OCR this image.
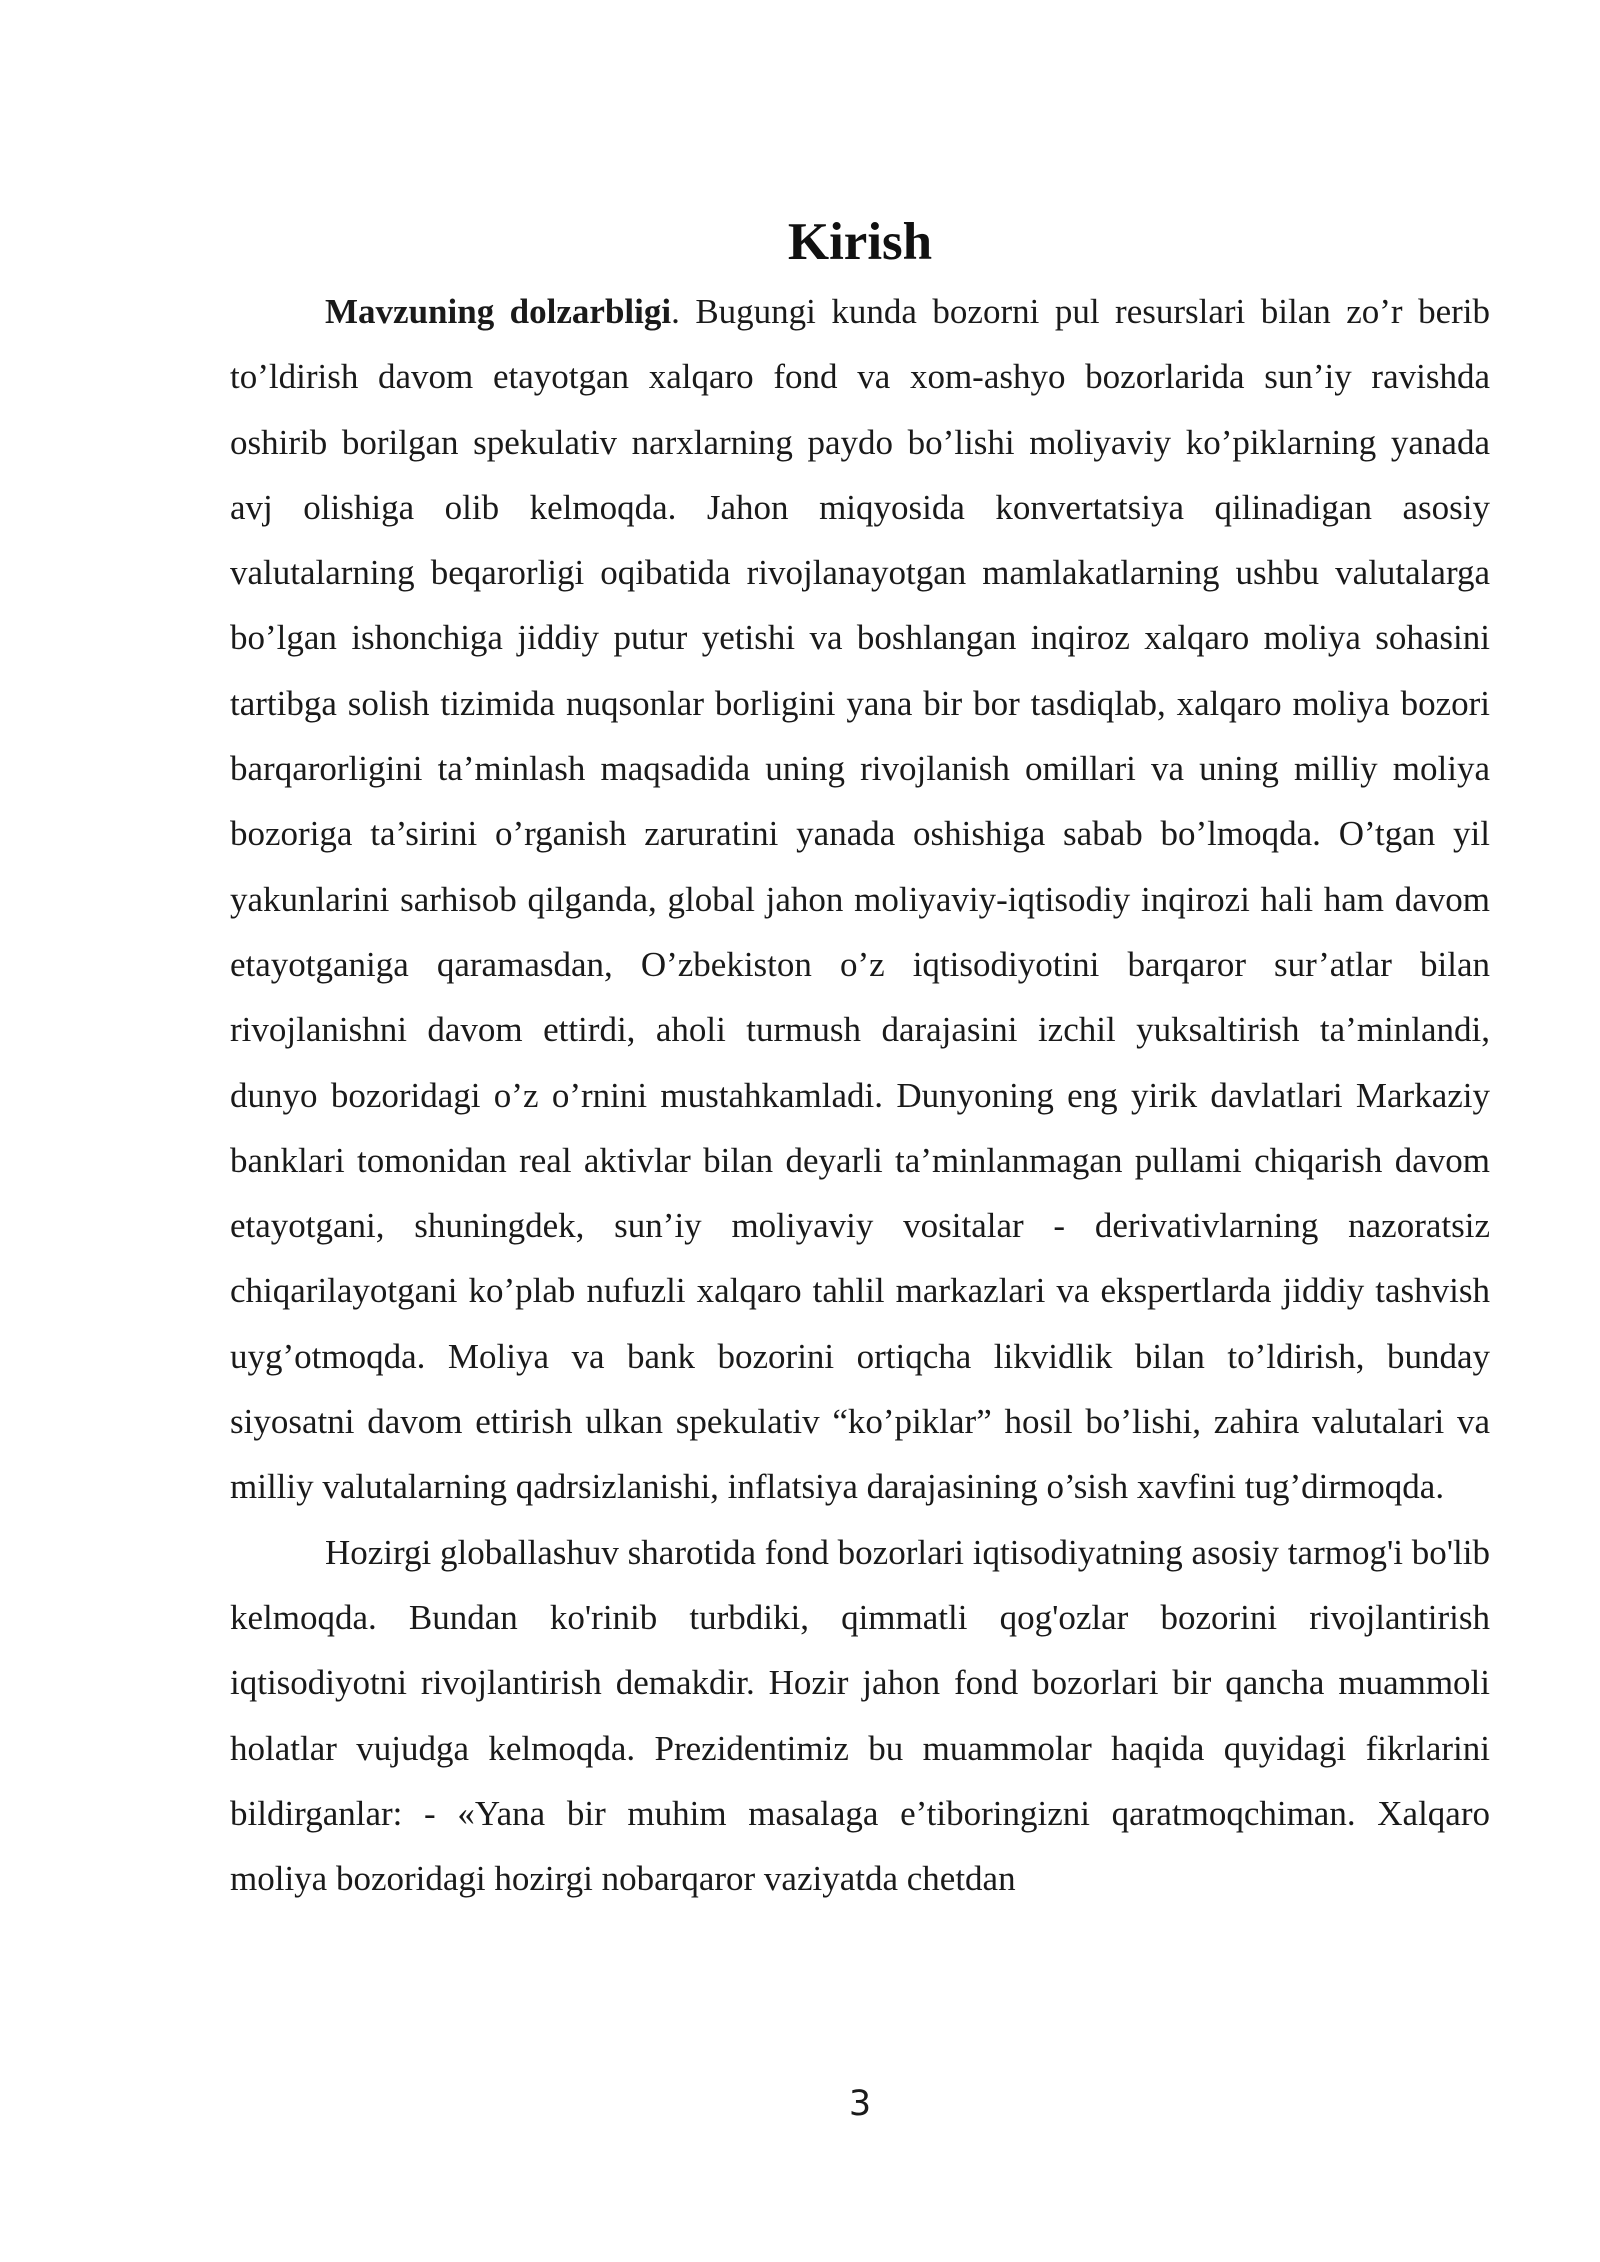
Kirish

Mavzuning dolzarbligi. Bugungi kunda bozorni pul resurslari bilan zo’r berib to’ldirish davom etayotgan xalqaro fond va xom-ashyo bozorlarida sun’iy ravishda oshirib borilgan spekulativ narxlarning paydo bo’lishi moliyaviy ko’piklarning yanada avj olishiga olib kelmoqda. Jahon miqyosida konvertatsiya qilinadigan asosiy valutalarning beqarorligi oqibatida rivojlanayotgan mamlakatlarning ushbu valutalarga bo’lgan ishonchiga jiddiy putur yetishi va boshlangan inqiroz xalqaro moliya sohasini tartibga solish tizimida nuqsonlar borligini yana bir bor tasdiqlab, xalqaro moliya bozori barqarorligini ta’minlash maqsadida uning rivojlanish omillari va uning milliy moliya bozoriga ta’sirini o’rganish zaruratini yanada oshishiga sabab bo’lmoqda. O’tgan yil yakunlarini sarhisob qilganda, global jahon moliyaviy-iqtisodiy inqirozi hali ham davom etayotganiga qaramasdan, O’zbekiston o’z iqtisodiyotini barqaror sur’atlar bilan rivojlanishni davom ettirdi, aholi turmush darajasini izchil yuksaltirish ta’minlandi, dunyo bozoridagi o’z o’rnini mustahkamladi. Dunyoning eng yirik davlatlari Markaziy banklari tomonidan real aktivlar bilan deyarli ta’minlanmagan pullami chiqarish davom etayotgani, shuningdek, sun’iy moliyaviy vositalar - derivativlarning nazoratsiz chiqarilayotgani ko’plab nufuzli xalqaro tahlil markazlari va ekspertlarda jiddiy tashvish uyg’otmoqda. Moliya va bank bozorini ortiqcha likvidlik bilan to’ldirish, bunday siyosatni davom ettirish ulkan spekulativ “ko’piklar” hosil bo’lishi, zahira valutalari va milliy valutalarning qadrsizlanishi, inflatsiya darajasining o’sish xavfini tug’dirmoqda.

Hozirgi globallashuv sharotida fond bozorlari iqtisodiyatning asosiy tarmog'i bo'lib kelmoqda. Bundan ko'rinib turbdiki, qimmatli qog'ozlar bozorini rivojlantirish iqtisodiyotni rivojlantirish demakdir. Hozir jahon fond bozorlari bir qancha muammoli holatlar vujudga kelmoqda. Prezidentimiz bu muammolar haqida quyidagi fikrlarini bildirganlar: - «Yana bir muhim masalaga e’tiboringizni qaratmoqchiman. Xalqaro moliya bozoridagi hozirgi nobarqaror vaziyatda chetdan

3
